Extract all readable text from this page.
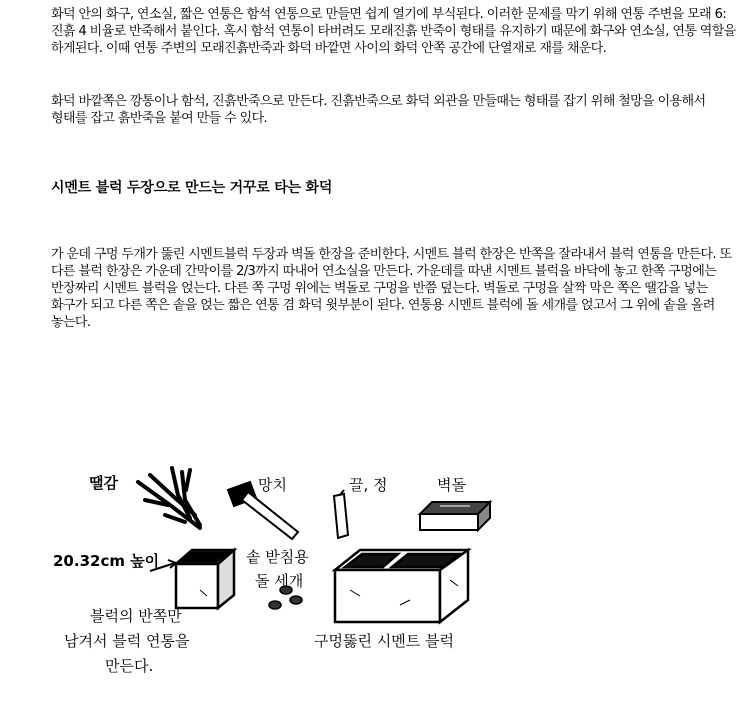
화덕 안의 화구, 연소실, 짧은 연통은 함석 연통으로 만들면 쉽게 열기에 부식된다. 이러한 문제를 막기 위해 연통 주변을 모래 6: 진흙 4 비율로 반죽해서 붙인다. 혹시 함석 연통이 타버려도 모래진흙 반죽이 형태를 유지하기 때문에 화구와 연소실, 연통 역할을 하게된다. 이때 연통 주변의 모래진흙반죽과 화덕 바깥면 사이의 화덕 안쪽 공간에 단열재로 재를 채운다.
화덕 바깥쪽은 깡통이나 함석, 진흙반죽으로 만든다. 진흙반죽으로 화덕 외관을 만들때는 형태를 잡기 위해 철망을 이용해서 형태를 잡고 흙반죽을 붙여 만들 수 있다.
시멘트 블럭 두장으로 만드는 거꾸로 타는 화덕
가 운데 구멍 두개가 뚫린 시멘트블럭 두장과 벽돌 한장을 준비한다. 시멘트 블럭 한장은 반쪽을 잘라내서 블럭 연통을 만든다. 또 다른 블럭 한장은 가운데 간막이를 2/3까지 따내어 연소실을 만든다. 가운데를 따낸 시멘트 블럭을 바닥에 놓고 한쪽 구멍에는 반장짜리 시멘트 블럭을 얹는다. 다른 쪽 구멍 위에는 벽돌로 구멍을 반쯤 덮는다. 벽돌로 구멍을 살짝 막은 쪽은 땔감을 넣는 화구가 되고 다른 쪽은 솥을 얹는 짧은 연통 겸 화덕 윗부분이 된다. 연통용 시멘트 블럭에 돌 세개를 얹고서 그 위에 솥을 올려 놓는다.
땔감	망치	끌, 정	벽돌
20.32cm 높이	솥 받침용
돌 세개
블럭의 반쪽만
남겨서 블럭 연통을
만든다.
구멍뚫린 시멘트 블럭
